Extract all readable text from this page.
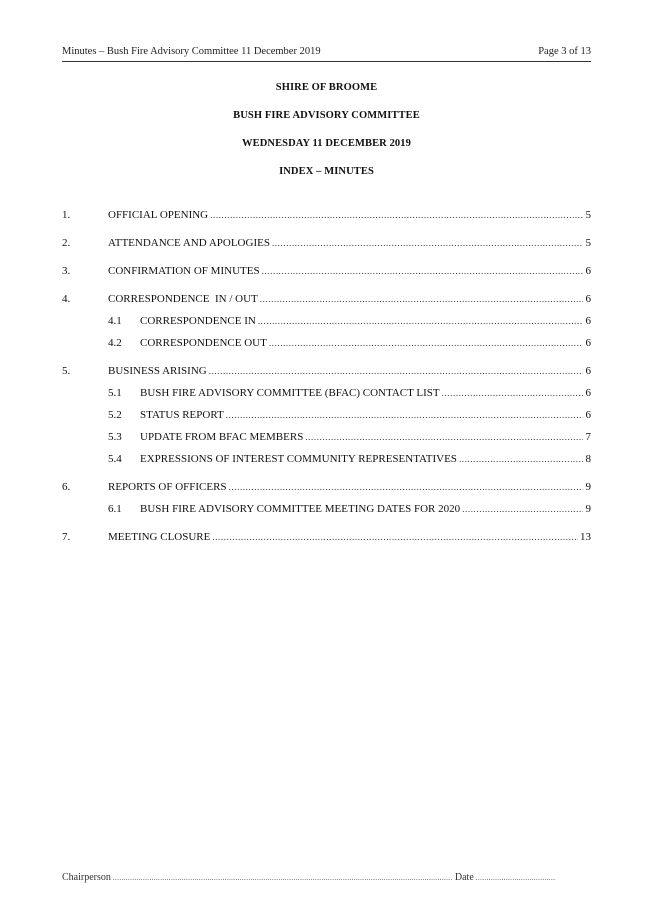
Minutes – Bush Fire Advisory Committee 11 December 2019	Page 3 of 13
SHIRE OF BROOME
BUSH FIRE ADVISORY COMMITTEE
WEDNESDAY 11 DECEMBER 2019
INDEX – MINUTES
1.	OFFICIAL OPENING .....	5
2.	ATTENDANCE AND APOLOGIES .....	5
3.	CONFIRMATION OF MINUTES .....	6
4.	CORRESPONDENCE  IN / OUT .....	6
4.1	CORRESPONDENCE IN .....	6
4.2	CORRESPONDENCE OUT .....	6
5.	BUSINESS ARISING .....	6
5.1	BUSH FIRE ADVISORY COMMITTEE (BFAC) CONTACT LIST .....	6
5.2	STATUS REPORT .....	6
5.3	UPDATE FROM BFAC MEMBERS .....	7
5.4	EXPRESSIONS OF INTEREST COMMUNITY REPRESENTATIVES .....	8
6.	REPORTS OF OFFICERS .....	9
6.1	BUSH FIRE ADVISORY COMMITTEE MEETING DATES FOR 2020 .....	9
7.	MEETING CLOSURE .....	13
Chairperson .....	Date
.....
